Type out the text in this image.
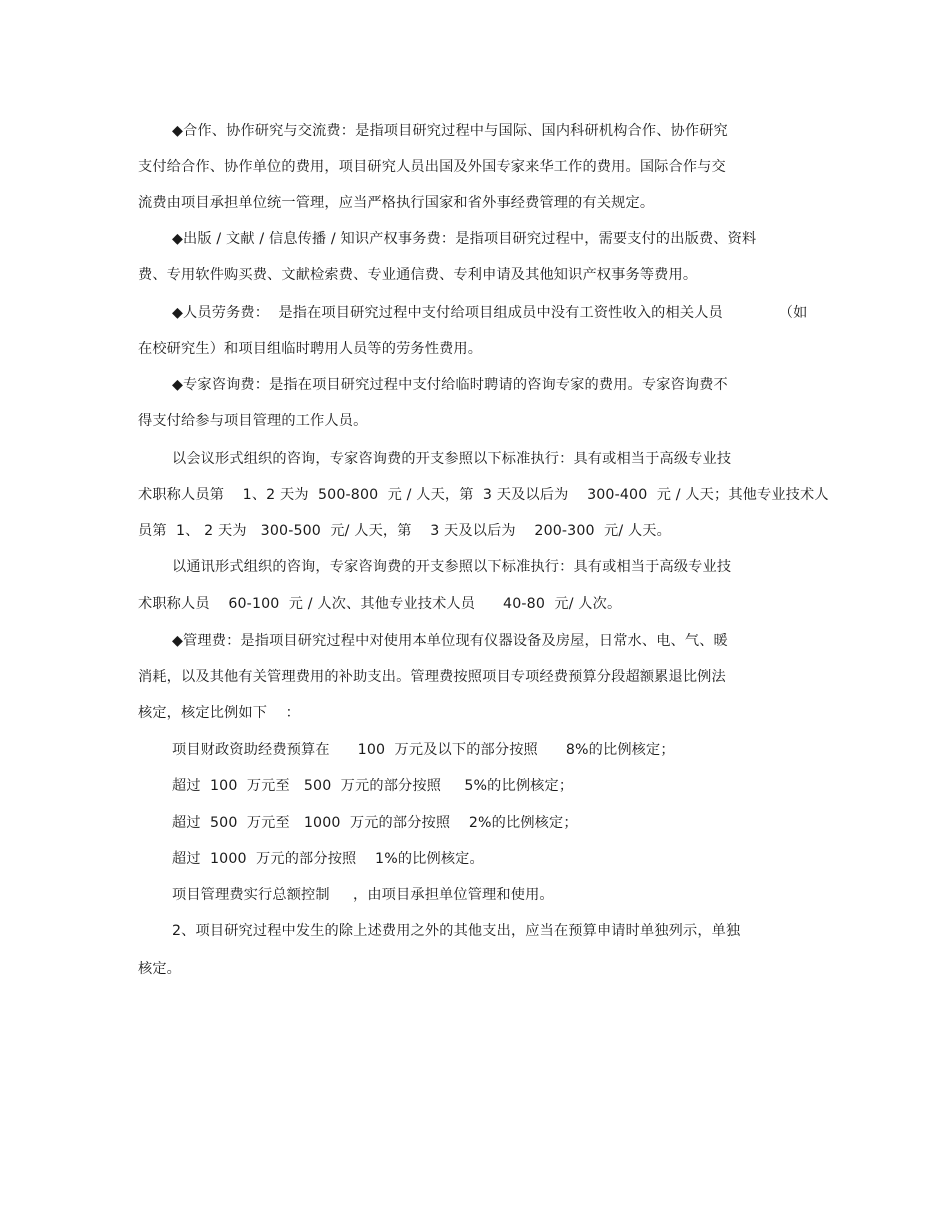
◆合作、协作研究与交流费：是指项目研究过程中与国际、国内科研机构合作、协作研究
支付给合作、协作单位的费用，项目研究人员出国及外国专家来华工作的费用。国际合作与交
流费由项目承担单位统一管理，应当严格执行国家和省外事经费管理的有关规定。
◆出版 / 文献 / 信息传播 / 知识产权事务费：是指项目研究过程中，需要支付的出版费、资料
费、专用软件购买费、文献检索费、专业通信费、专利申请及其他知识产权事务等费用。
◆人员劳务费：  是指在项目研究过程中支付给项目组成员中没有工资性收入的相关人员            （如
在校研究生）和项目组临时聘用人员等的劳务性费用。
◆专家咨询费：是指在项目研究过程中支付给临时聘请的咨询专家的费用。专家咨询费不
得支付给参与项目管理的工作人员。
以会议形式组织的咨询，专家咨询费的开支参照以下标准执行：具有或相当于高级专业技
术职称人员第    1、2 天为  500-800  元 / 人天，第  3 天及以后为    300-400  元 / 人天；其他专业技术人
员第  1、 2 天为   300-500  元/ 人天，第    3 天及以后为    200-300  元/ 人天。
以通讯形式组织的咨询，专家咨询费的开支参照以下标准执行：具有或相当于高级专业技
术职称人员    60-100  元 / 人次、其他专业技术人员      40-80  元/ 人次。
◆管理费：是指项目研究过程中对使用本单位现有仪器设备及房屋，日常水、电、气、暖
消耗，以及其他有关管理费用的补助支出。管理费按照项目专项经费预算分段超额累退比例法
核定，核定比例如下    ：
项目财政资助经费预算在      100  万元及以下的部分按照      8%的比例核定；
超过  100  万元至   500  万元的部分按照     5%的比例核定；
超过  500  万元至   1000  万元的部分按照    2%的比例核定；
超过  1000  万元的部分按照    1%的比例核定。
项目管理费实行总额控制     ，由项目承担单位管理和使用。
2、项目研究过程中发生的除上述费用之外的其他支出，应当在预算申请时单独列示，单独
核定。
